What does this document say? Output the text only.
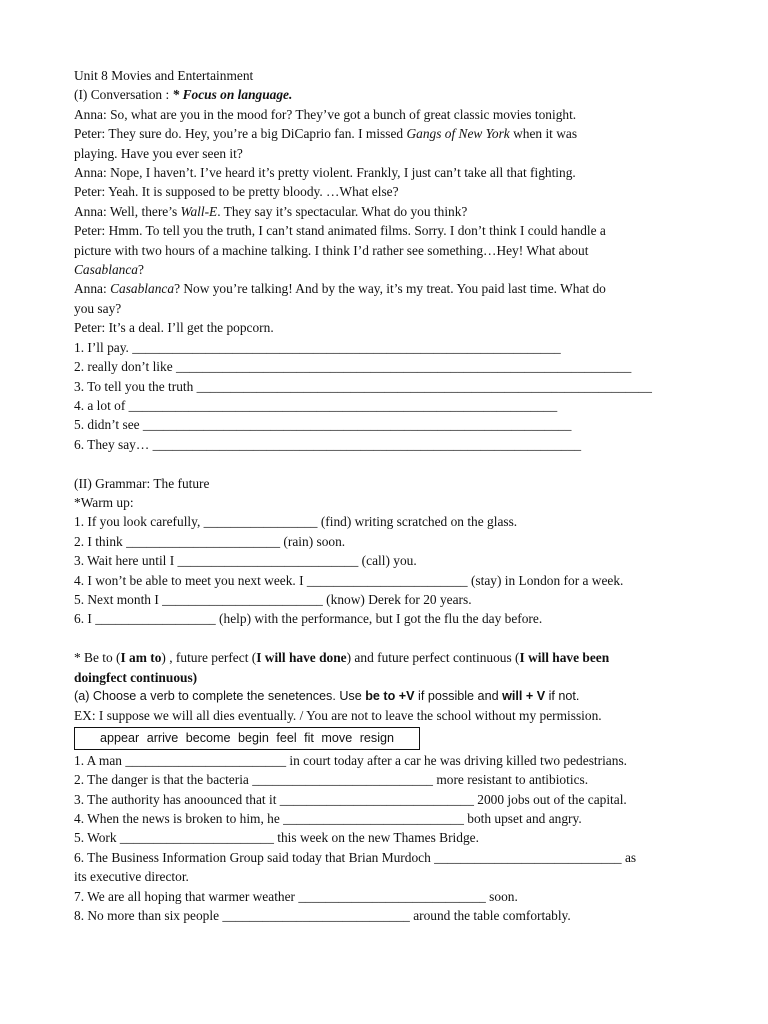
Unit 8 Movies and Entertainment
(I) Conversation : * Focus on language.
Anna: So, what are you in the mood for? They’ve got a bunch of great classic movies tonight.
Peter: They sure do. Hey, you’re a big DiCaprio fan. I missed Gangs of New York when it was
playing. Have you ever seen it?
Anna: Nope, I haven’t. I’ve heard it’s pretty violent. Frankly, I just can’t take all that fighting.
Peter: Yeah. It is supposed to be pretty bloody. …What else?
Anna: Well, there’s Wall-E. They say it’s spectacular. What do you think?
Peter: Hmm. To tell you the truth, I can’t stand animated films. Sorry. I don’t think I could handle a
picture with two hours of a machine talking. I think I’d rather see something…Hey! What about
Casablanca?
Anna: Casablanca? Now you’re talking! And by the way, it’s my treat. You paid last time. What do
you say?
Peter: It’s a deal. I’ll get the popcorn.
1. I’ll pay. ________________________________________________________________
2. really don’t like ____________________________________________________________________
3. To tell you the truth ____________________________________________________________________
4. a lot of ________________________________________________________________
5. didn’t see ________________________________________________________________
6. They say… ________________________________________________________________
(II) Grammar: The future
*Warm up:
1. If you look carefully, _________________ (find) writing scratched on the glass.
2. I think _______________________ (rain) soon.
3. Wait here until I ___________________________ (call) you.
4. I won’t be able to meet you next week. I ________________________ (stay) in London for a week.
5. Next month I ________________________ (know) Derek for 20 years.
6. I __________________ (help) with the performance, but I got the flu the day before.
* Be to (I am to) , future perfect (I will have done) and future perfect continuous (I will have been
doingfect continuous)
(a) Choose a verb to complete the senetences. Use be to +V if possible and will + V if not.
EX: I suppose we will all dies eventually. / You are not to leave the school without my permission.
appear arrive become begin feel fit move resign
1. A man ________________________ in court today after a car he was driving killed two pedestrians.
2. The danger is that the bacteria ___________________________ more resistant to antibiotics.
3. The authority has anoounced that it _____________________________ 2000 jobs out of the capital.
4. When the news is broken to him, he ___________________________ both upset and angry.
5. Work _______________________ this week on the new Thames Bridge.
6. The Business Information Group said today that Brian Murdoch ____________________________ as
its executive director.
7. We are all hoping that warmer weather ____________________________ soon.
8. No more than six people ____________________________ around the table comfortably.
